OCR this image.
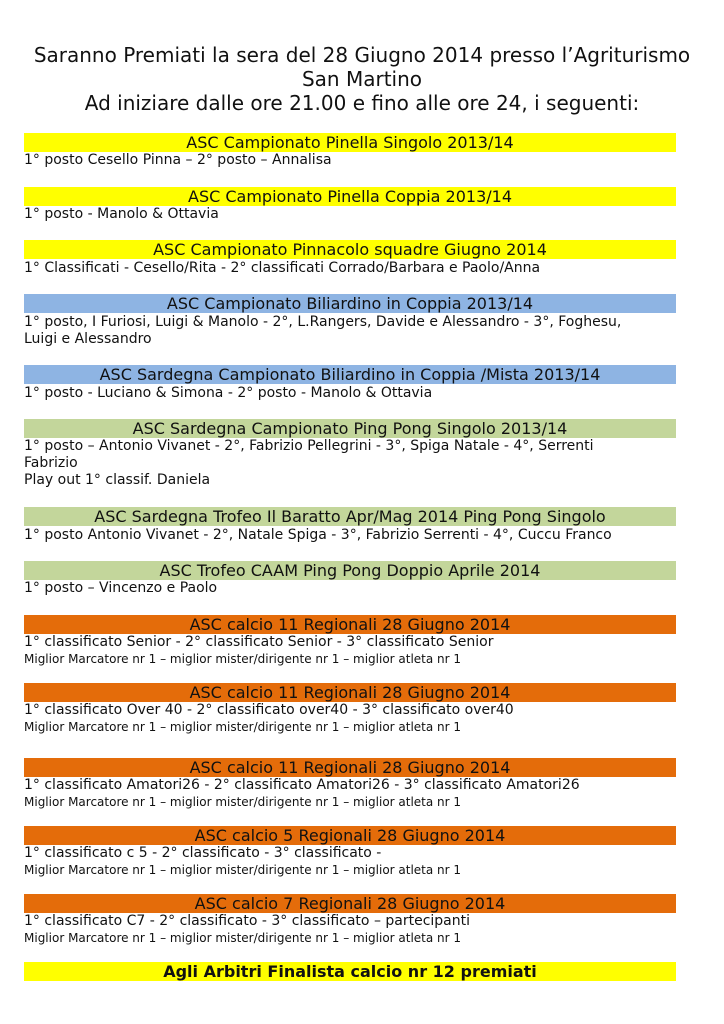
Saranno Premiati la sera del 28 Giugno 2014 presso l’Agriturismo
San Martino
Ad iniziare dalle ore 21.00 e fino alle ore 24, i seguenti:
ASC Campionato Pinella Singolo 2013/14
1° posto Cesello Pinna – 2° posto – Annalisa
ASC Campionato Pinella Coppia 2013/14
1° posto - Manolo & Ottavia
ASC Campionato Pinnacolo squadre Giugno 2014
1° Classificati - Cesello/Rita - 2° classificati Corrado/Barbara e Paolo/Anna
ASC Campionato Biliardino in Coppia 2013/14
1° posto, I Furiosi, Luigi & Manolo - 2°, L.Rangers, Davide e Alessandro - 3°, Foghesu,
Luigi e Alessandro
ASC Sardegna Campionato Biliardino in Coppia /Mista 2013/14
1° posto - Luciano & Simona - 2° posto - Manolo & Ottavia
ASC Sardegna Campionato Ping Pong Singolo 2013/14
1° posto – Antonio Vivanet - 2°, Fabrizio Pellegrini - 3°, Spiga Natale - 4°, Serrenti
Fabrizio
Play out 1° classif. Daniela
ASC Sardegna Trofeo Il Baratto Apr/Mag 2014 Ping Pong Singolo
1° posto Antonio Vivanet - 2°, Natale Spiga - 3°, Fabrizio Serrenti - 4°, Cuccu Franco
ASC Trofeo CAAM Ping Pong Doppio Aprile 2014
1° posto – Vincenzo e Paolo
ASC calcio 11 Regionali 28 Giugno 2014
1° classificato Senior - 2° classificato Senior - 3° classificato Senior
Miglior Marcatore nr 1 – miglior mister/dirigente nr 1 – miglior atleta nr 1
ASC calcio 11 Regionali 28 Giugno 2014
1° classificato Over 40 - 2° classificato over40 - 3° classificato over40
Miglior Marcatore nr 1 – miglior mister/dirigente nr 1 – miglior atleta nr 1
ASC calcio 11 Regionali 28 Giugno 2014
1° classificato Amatori26 - 2° classificato Amatori26 - 3° classificato Amatori26
Miglior Marcatore nr 1 – miglior mister/dirigente nr 1 – miglior atleta nr 1
ASC calcio 5 Regionali 28 Giugno 2014
1° classificato c 5 - 2° classificato - 3° classificato -
Miglior Marcatore nr 1 – miglior mister/dirigente nr 1 – miglior atleta nr 1
ASC calcio 7 Regionali 28 Giugno 2014
1° classificato C7 - 2° classificato - 3° classificato – partecipanti
Miglior Marcatore nr 1 – miglior mister/dirigente nr 1 – miglior atleta nr 1
Agli Arbitri Finalista calcio nr 12 premiati
